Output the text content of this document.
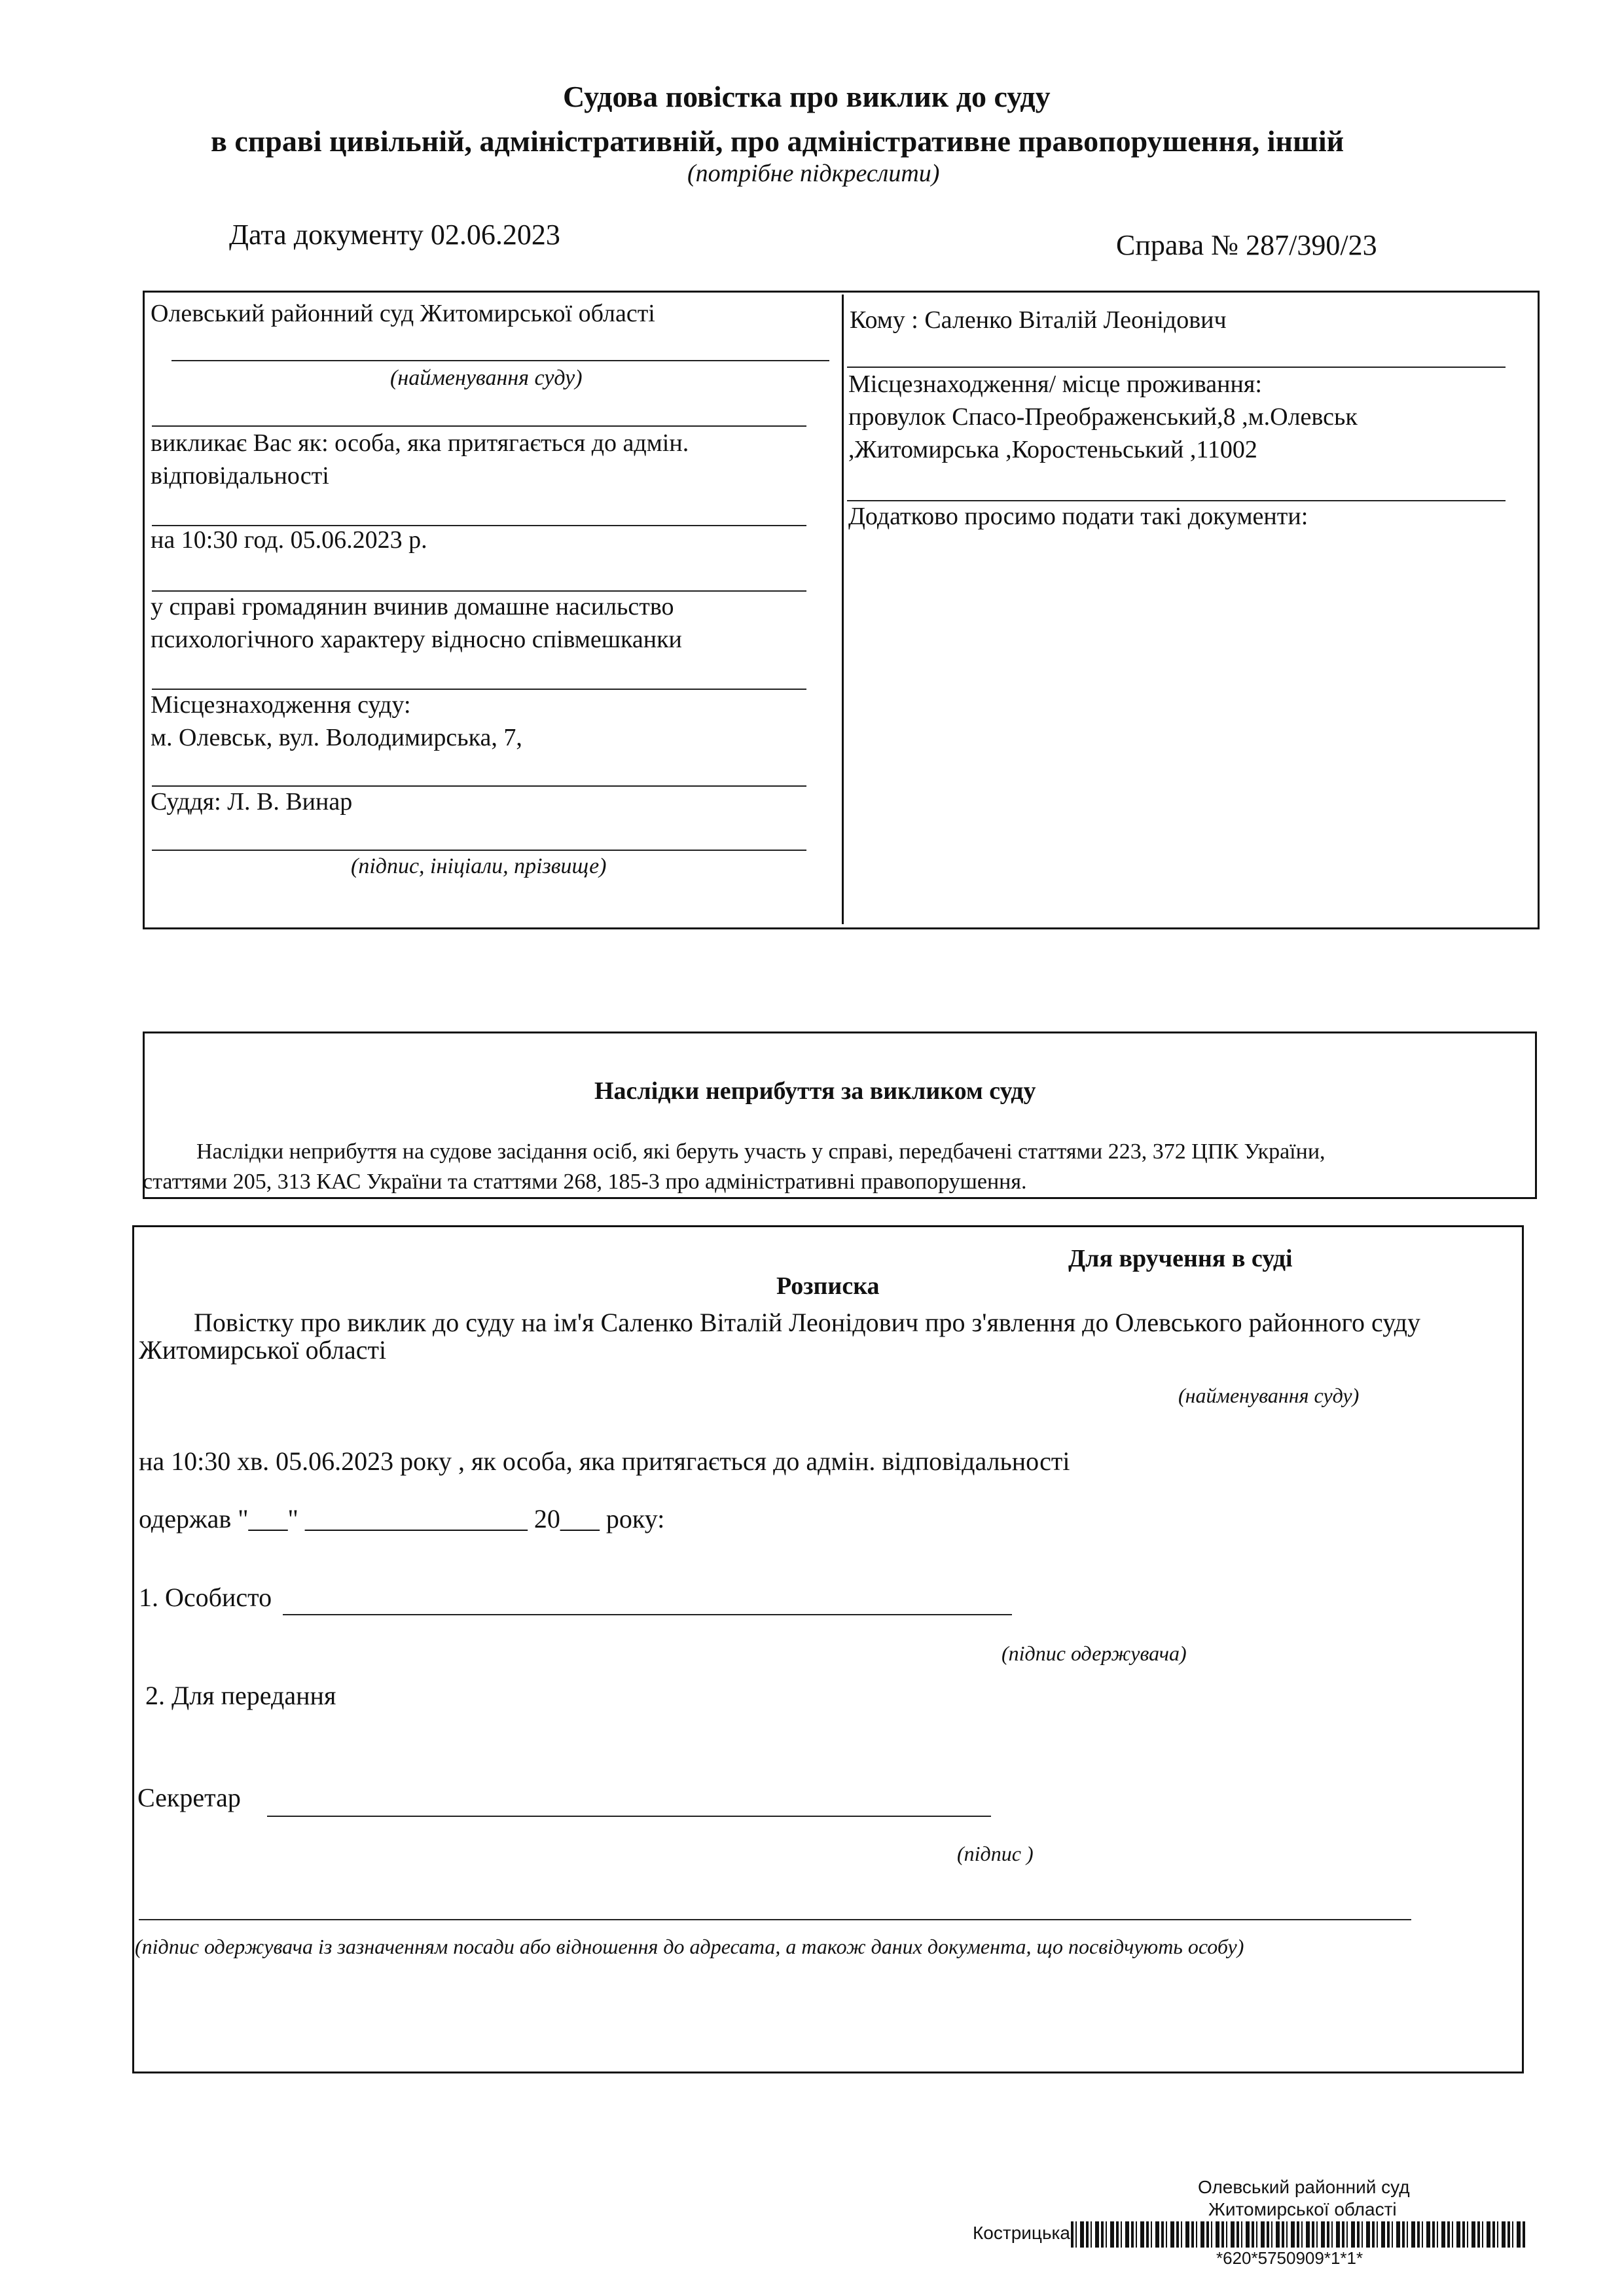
Судова повістка про виклик до суду
в справі цивільній, адміністративній, про адміністративне правопорушення, іншій
(потрібне підкреслити)
Дата документу 02.06.2023	Справа № 287/390/23
Олевський районний суд Житомирської області
(найменування суду)
викликає Вас як: особа, яка притягається до адмін.
відповідальності
на 10:30 год. 05.06.2023 р.
у справі громадянин вчинив домашне насильство
психологічного характеру відносно співмешканки
Місцезнаходження суду:
м. Олевськ, вул. Володимирська, 7,
Суддя: Л. В. Винар
(підпис, ініціали, прізвище)
Кому : Саленко Віталій Леонідович
Місцезнаходження/ місце проживання:
провулок Спасо-Преображенський,8 ,м.Олевськ
,Житомирська ,Коростеньський ,11002
Додатково просимо подати такі документи:
Наслідки неприбуття за викликом суду
Наслідки неприбуття на судове засідання осіб, які беруть участь у справі, передбачені статтями 223, 372 ЦПК України,
статтями 205, 313 КАС України та статтями 268, 185-3 про адміністративні правопорушення.
Для вручення в суді
Розписка
Повістку про виклик до суду на ім'я Саленко Віталій Леонідович про з'явлення до Олевського районного суду
Житомирської області
(найменування суду)
на 10:30 хв. 05.06.2023 року , як особа, яка притягається до адмін. відповідальності
одержав "___" _________________ 20___ року:
1. Особисто
(підпис одержувача)
2. Для передання
Секретар
(підпис )
(підпис одержувача із зазначенням посади або відношення до адресата, а також даних документа, що посвідчують особу)
Олевський районний суд
Житомирської області
Кострицька
*620*5750909*1*1*
